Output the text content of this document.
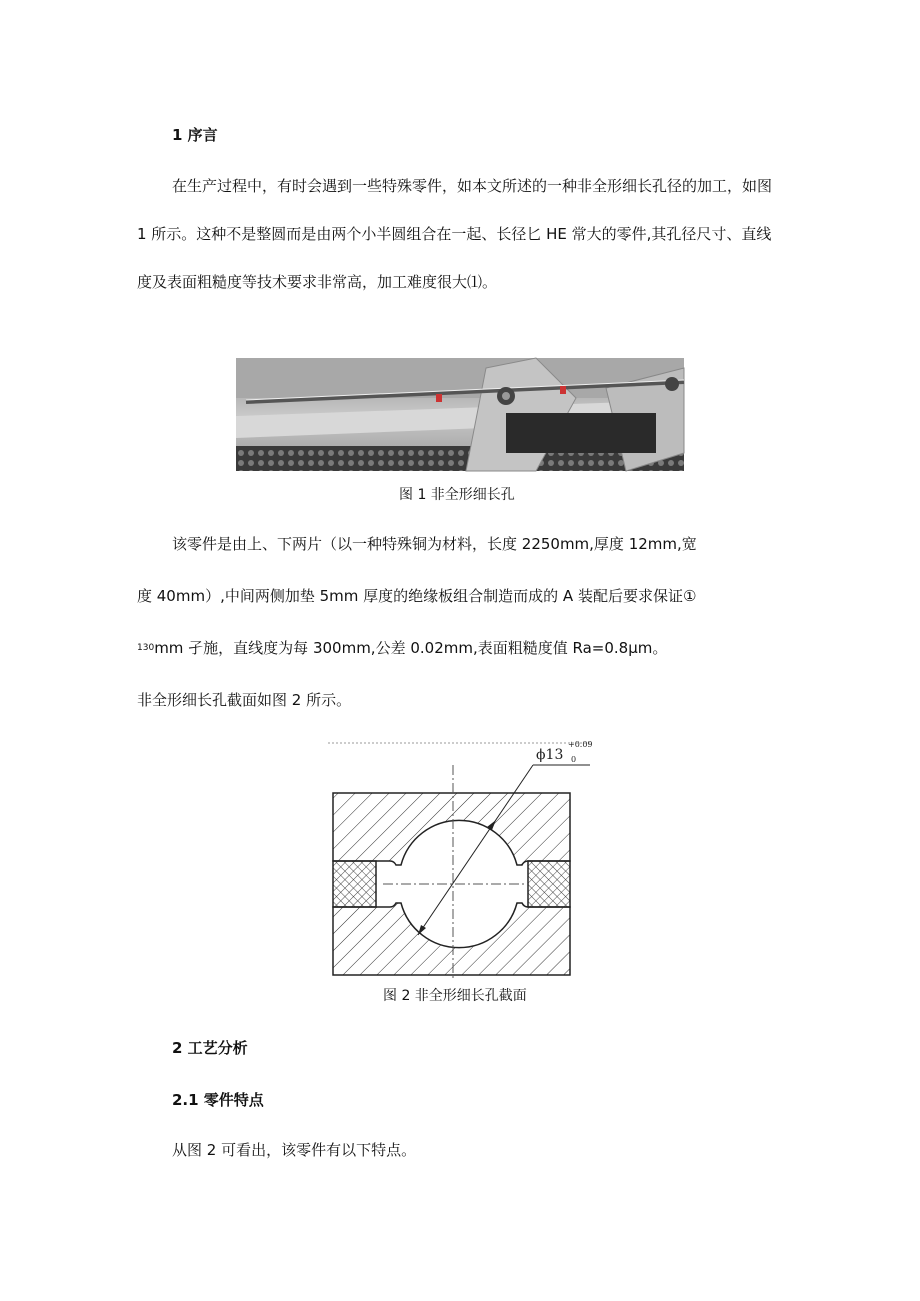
1 序言
在生产过程中，有时会遇到一些特殊零件，如本文所述的一种非全形细长孔径的加工，如图
1 所示。这种不是整圆而是由两个小半圆组合在一起、长径匕 HE 常大的零件,其孔径尺寸、直线
度及表面粗糙度等技术要求非常高，加工难度很大⑴。
图 1 非全形细长孔
该零件是由上、下两片（以一种特殊铜为材料，长度 2250mm,厚度 12mm,宽
度 40mm）,中间两侧加垫 5mm 厚度的绝缘板组合制造而成的 A 装配后要求保证①
$^{130}$mm 孑施，直线度为每 300mm,公差 0.02mm,表面粗糙度值 Ra=0.8μm。
非全形细长孔截面如图 2 所示。
ϕ13
+0.09
0
图 2 非全形细长孔截面
2 工艺分析
2.1 零件特点
从图 2 可看出，该零件有以下特点。
